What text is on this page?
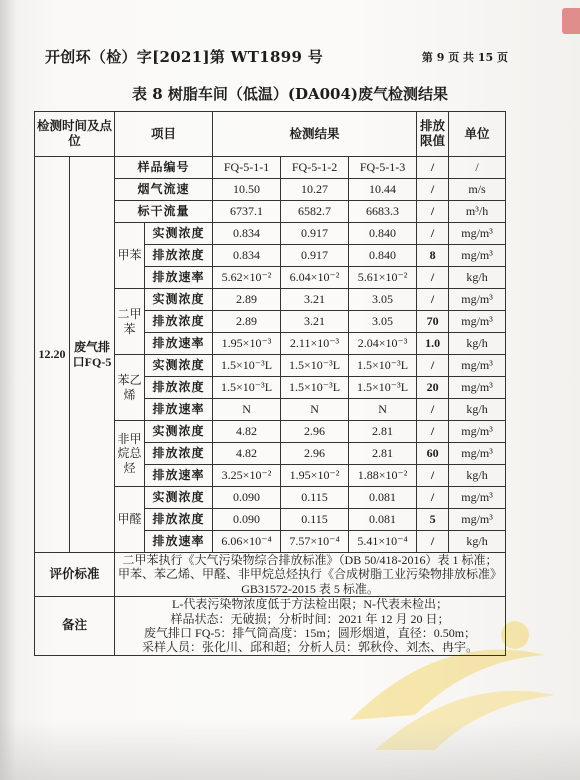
开创环（检）字[2021]第 WT1899 号	第 9 页 共 15 页
表 8 树脂车间（低温）(DA004)废气检测结果
检测时间及点位		项目		检测结果			排放限值	单位
12.20	废气排口FQ-5	样品编号		FQ-5-1-1	FQ-5-1-2	FQ-5-1-3	/	/
		烟气流速		10.50	10.27	10.44	/	m/s
		标干流量		6737.1	6582.7	6683.3	/	m³/h
		甲苯	实测浓度	0.834	0.917	0.840	/	mg/m³
			排放浓度	0.834	0.917	0.840	8	mg/m³
			排放速率	5.62×10⁻²	6.04×10⁻²	5.61×10⁻²	/	kg/h
		二甲苯	实测浓度	2.89	3.21	3.05	/	mg/m³
			排放浓度	2.89	3.21	3.05	70	mg/m³
			排放速率	1.95×10⁻³	2.11×10⁻³	2.04×10⁻³	1.0	kg/h
		苯乙烯	实测浓度	1.5×10⁻³L	1.5×10⁻³L	1.5×10⁻³L	/	mg/m³
			排放浓度	1.5×10⁻³L	1.5×10⁻³L	1.5×10⁻³L	20	mg/m³
			排放速率	N	N	N	/	kg/h
		非甲烷总烃	实测浓度	4.82	2.96	2.81	/	mg/m³
			排放浓度	4.82	2.96	2.81	60	mg/m³
			排放速率	3.25×10⁻²	1.95×10⁻²	1.88×10⁻²	/	kg/h
		甲醛	实测浓度	0.090	0.115	0.081	/	mg/m³
			排放浓度	0.090	0.115	0.081	5	mg/m³
			排放速率	6.06×10⁻⁴	7.57×10⁻⁴	5.41×10⁻⁴	/	kg/h
评价标准		二甲苯执行《大气污染物综合排放标准》（DB 50/418-2016）表 1 标准；甲苯、苯乙烯、甲醛、非甲烷总烃执行《合成树脂工业污染物排放标准》GB31572-2015 表 5 标准。						
备注		L-代表污染物浓度低于方法检出限；N-代表未检出；
样品状态：无破损；分析时间：2021 年 12 月 20 日；
废气排口 FQ-5：排气筒高度：15m；圆形烟道，直径：0.50m；
采样人员：张化川、邱和超；分析人员：郭秋伶、刘杰、冉宇。						
